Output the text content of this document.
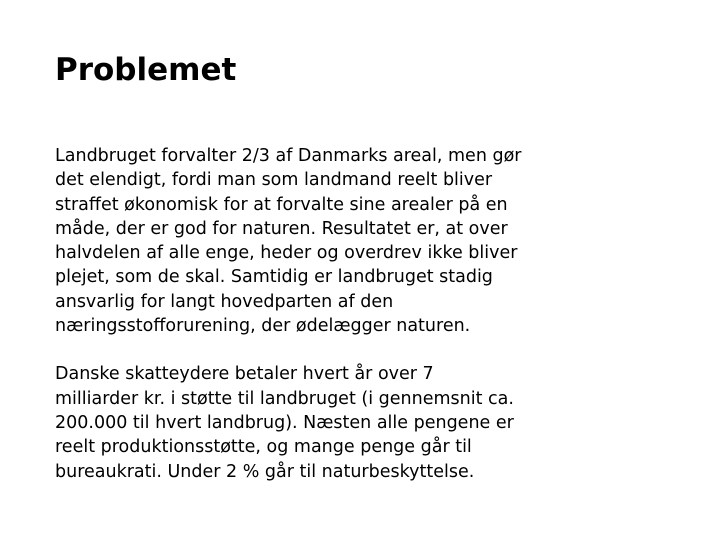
Problemet

Landbruget forvalter 2/3 af Danmarks areal, men gør
det elendigt, fordi man som landmand reelt bliver
straffet økonomisk for at forvalte sine arealer på en
måde, der er god for naturen. Resultatet er, at over
halvdelen af alle enge, heder og overdrev ikke bliver
plejet, som de skal. Samtidig er landbruget stadig
ansvarlig for langt hovedparten af den
næringsstofforurening, der ødelægger naturen.

Danske skatteydere betaler hvert år over 7
milliarder kr. i støtte til landbruget (i gennemsnit ca.
200.000 til hvert landbrug). Næsten alle pengene er
reelt produktionsstøtte, og mange penge går til
bureaukrati. Under 2 % går til naturbeskyttelse.
